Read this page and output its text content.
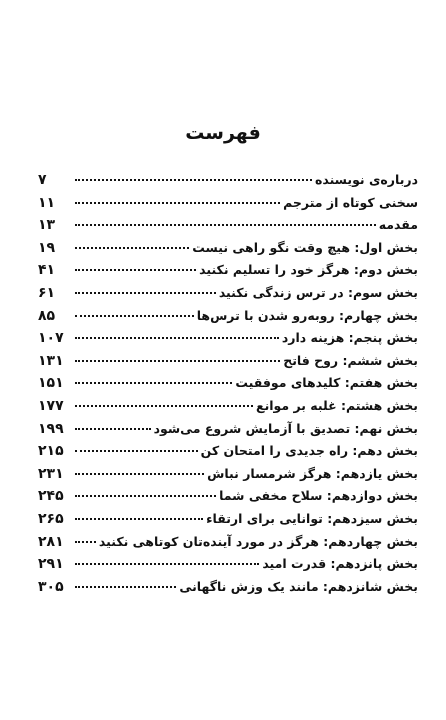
فهرست
درباره‌ی نویسنده
۷
سخنی کوتاه از مترجم
۱۱
مقدمه
۱۳
بخش اول: هیچ وقت نگو راهی نیست
۱۹
بخش دوم: هرگز خود را تسلیم نکنید
۴۱
بخش سوم: در ترس زندگی نکنید
۶۱
بخش چهارم: روبه‌رو شدن با ترس‌ها
۸۵
بخش پنجم: هزینه دارد
۱۰۷
بخش ششم: روح فاتح
۱۳۱
بخش هفتم: کلیدهای موفقیت
۱۵۱
بخش هشتم: غلبه بر موانع
۱۷۷
بخش نهم: تصدیق با آزمایش شروع می‌شود
۱۹۹
بخش دهم: راه جدیدی را امتحان کن
۲۱۵
بخش یازدهم: هرگز شرمسار نباش
۲۳۱
بخش دوازدهم: سلاح مخفی شما
۲۴۵
بخش سیزدهم: توانایی برای ارتقاء
۲۶۵
بخش چهاردهم: هرگز در مورد آینده‌تان کوتاهی نکنید
۲۸۱
بخش پانزدهم: قدرت امید
۲۹۱
بخش شانزدهم: مانند یک وزش ناگهانی
۳۰۵
